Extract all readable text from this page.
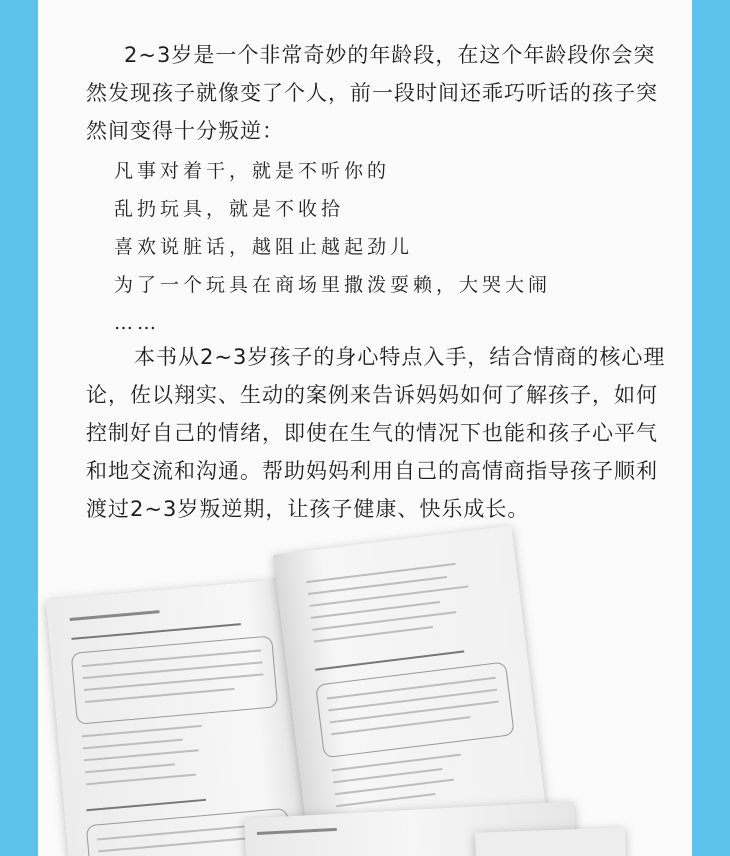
2~3岁是一个非常奇妙的年龄段，在这个年龄段你会突然发现孩子就像变了个人，前一段时间还乖巧听话的孩子突然间变得十分叛逆：

凡事对着干，就是不听你的
乱扔玩具，就是不收拾
喜欢说脏话，越阻止越起劲儿
为了一个玩具在商场里撒泼耍赖，大哭大闹
……

本书从2~3岁孩子的身心特点入手，结合情商的核心理论，佐以翔实、生动的案例来告诉妈妈如何了解孩子，如何控制好自己的情绪，即使在生气的情况下也能和孩子心平气和地交流和沟通。帮助妈妈利用自己的高情商指导孩子顺利渡过2~3岁叛逆期，让孩子健康、快乐成长。
